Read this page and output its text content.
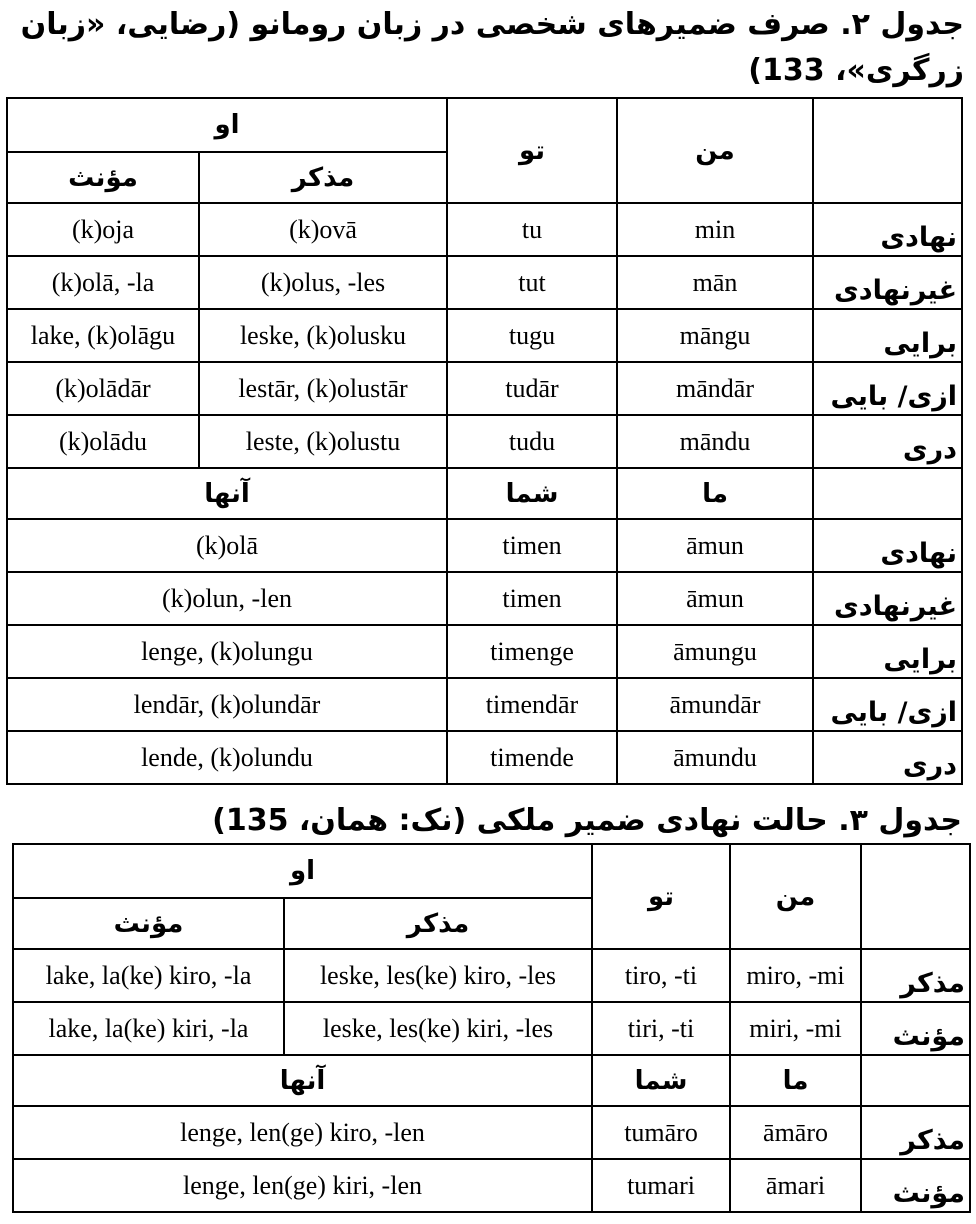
جدول ۲. صرف ضمیرهای شخصی در زبان رومانو (رضایی، «زبان زرگری»، 133)
او		تو	من	
مؤنث	مذکر			
(k)oja	(k)ovā	tu	min	نهادی
(k)olā, -la	(k)olus, -les	tut	mān	غیرنهادی
lake, (k)olāgu	leske, (k)olusku	tugu	māngu	برایی
(k)olādār	lestār, (k)olustār	tudār	māndār	ازی/ بایی
(k)olādu	leste, (k)olustu	tudu	māndu	دری
آنها		شما	ما	
(k)olā		timen	āmun	نهادی
(k)olun, -len		timen	āmun	غیرنهادی
lenge, (k)olungu		timenge	āmungu	برایی
lendār, (k)olundār		timendār	āmundār	ازی/ بایی
lende, (k)olundu		timende	āmundu	دری
جدول ۳. حالت نهادی ضمیر ملکی (نک: همان، 135)
او		تو	من	
مؤنث	مذکر			
lake, la(ke) kiro, -la	leske, les(ke) kiro, -les	tiro, -ti	miro, -mi	مذکر
lake, la(ke) kiri, -la	leske, les(ke) kiri, -les	tiri, -ti	miri, -mi	مؤنث
آنها		شما	ما	
lenge, len(ge) kiro, -len		tumāro	āmāro	مذکر
lenge, len(ge) kiri, -len		tumari	āmari	مؤنث
